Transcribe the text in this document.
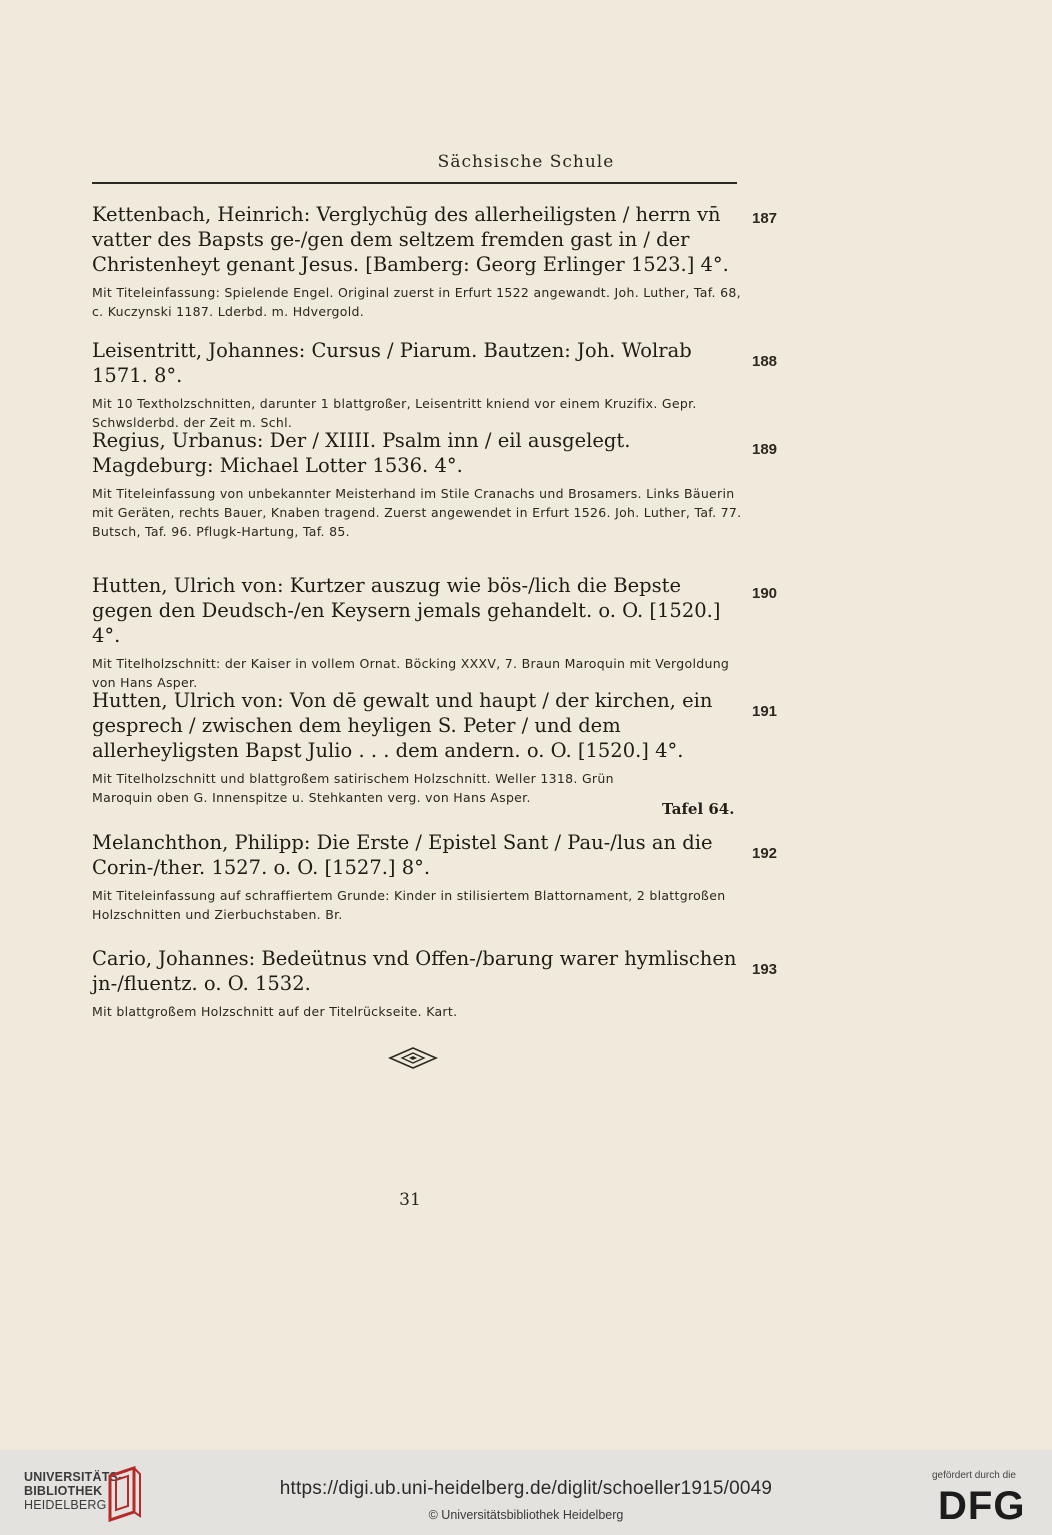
Sächsische Schule

Kettenbach, Heinrich: Verglychūg des allerheiligsten / herrn vn̄ vatter des Bapsts ge-/gen dem seltzem fremden gast in / der Christenheyt genant Jesus. [Bamberg: Georg Erlinger 1523.] 4°.

Mit Titeleinfassung: Spielende Engel. Original zuerst in Erfurt 1522 angewandt. Joh. Luther, Taf. 68, c. Kuczynski 1187. Lderbd. m. Hdvergold.

187

Leisentritt, Johannes: Cursus / Piarum. Bautzen: Joh. Wolrab 1571. 8°.

Mit 10 Textholzschnitten, darunter 1 blattgroßer, Leisentritt kniend vor einem Kruzifix. Gepr. Schwslderbd. der Zeit m. Schl.

188

Regius, Urbanus: Der / XIIII. Psalm inn / eil ausgelegt. Magdeburg: Michael Lotter 1536. 4°.

Mit Titeleinfassung von unbekannter Meisterhand im Stile Cranachs und Brosamers. Links Bäuerin mit Geräten, rechts Bauer, Knaben tragend. Zuerst angewendet in Erfurt 1526. Joh. Luther, Taf. 77. Butsch, Taf. 96. Pflugk-Hartung, Taf. 85.

189

Hutten, Ulrich von: Kurtzer auszug wie bös-/lich die Bepste gegen den Deudsch-/en Keysern jemals gehandelt. o. O. [1520.] 4°.

Mit Titelholzschnitt: der Kaiser in vollem Ornat. Böcking XXXV, 7. Braun Maroquin mit Vergoldung von Hans Asper.

190

Hutten, Ulrich von: Von dē gewalt und haupt / der kirchen, ein gesprech / zwischen dem heyligen S. Peter / und dem allerheyligsten Bapst Julio . . . dem andern. o. O. [1520.] 4°.

Mit Titelholzschnitt und blattgroßem satirischem Holzschnitt. Weller 1318. Grün Maroquin oben G. Innenspitze u. Stehkanten verg. von Hans Asper.

191
Tafel 64.

Melanchthon, Philipp: Die Erste / Epistel Sant / Pau-/lus an die Corin-/ther. 1527. o. O. [1527.] 8°.

Mit Titeleinfassung auf schraffiertem Grunde: Kinder in stilisiertem Blattornament, 2 blattgroßen Holzschnitten und Zierbuchstaben. Br.

192

Cario, Johannes: Bedeütnus vnd Offen-/barung warer hymlischen jn-/fluentz. o. O. 1532.

Mit blattgroßem Holzschnitt auf der Titelrückseite. Kart.

193
31
UNIVERSITÄTS-
BIBLIOTHEK
HEIDELBERG
https://digi.ub.uni-heidelberg.de/diglit/schoeller1915/0049
© Universitätsbibliothek Heidelberg
gefördert durch die
DFG
